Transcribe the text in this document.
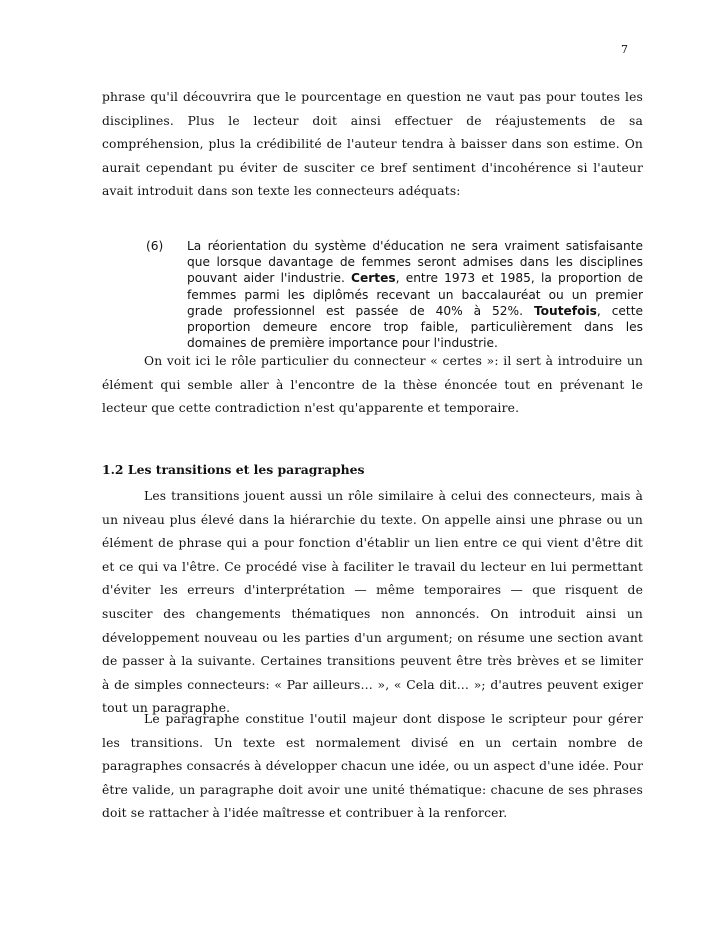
7

phrase qu'il découvrira que le pourcentage en question ne vaut pas pour toutes les disciplines. Plus le lecteur doit ainsi effectuer de réajustements de sa compréhension, plus la crédibilité de l'auteur tendra à baisser dans son estime. On aurait cependant pu éviter de susciter ce bref sentiment d'incohérence si l'auteur avait introduit dans son texte les connecteurs adéquats:

(6) La réorientation du système d'éducation ne sera vraiment satisfaisante que lorsque davantage de femmes seront admises dans les disciplines pouvant aider l'industrie. Certes, entre 1973 et 1985, la proportion de femmes parmi les diplômés recevant un baccalauréat ou un premier grade professionnel est passée de 40% à 52%. Toutefois, cette proportion demeure encore trop faible, particulièrement dans les domaines de première importance pour l'industrie.

On voit ici le rôle particulier du connecteur « certes »: il sert à introduire un élément qui semble aller à l'encontre de la thèse énoncée tout en prévenant le lecteur que cette contradiction n'est qu'apparente et temporaire.

1.2 Les transitions et les paragraphes

Les transitions jouent aussi un rôle similaire à celui des connecteurs, mais à un niveau plus élevé dans la hiérarchie du texte. On appelle ainsi une phrase ou un élément de phrase qui a pour fonction d'établir un lien entre ce qui vient d'être dit et ce qui va l'être. Ce procédé vise à faciliter le travail du lecteur en lui permettant d'éviter les erreurs d'interprétation — même temporaires — que risquent de susciter des changements thématiques non annoncés. On introduit ainsi un développement nouveau ou les parties d'un argument; on résume une section avant de passer à la suivante. Certaines transitions peuvent être très brèves et se limiter à de simples connecteurs: « Par ailleurs… », « Cela dit… »; d'autres peuvent exiger tout un paragraphe.

Le paragraphe constitue l'outil majeur dont dispose le scripteur pour gérer les transitions. Un texte est normalement divisé en un certain nombre de paragraphes consacrés à développer chacun une idée, ou un aspect d'une idée. Pour être valide, un paragraphe doit avoir une unité thématique: chacune de ses phrases doit se rattacher à l'idée maîtresse et contribuer à la renforcer.
